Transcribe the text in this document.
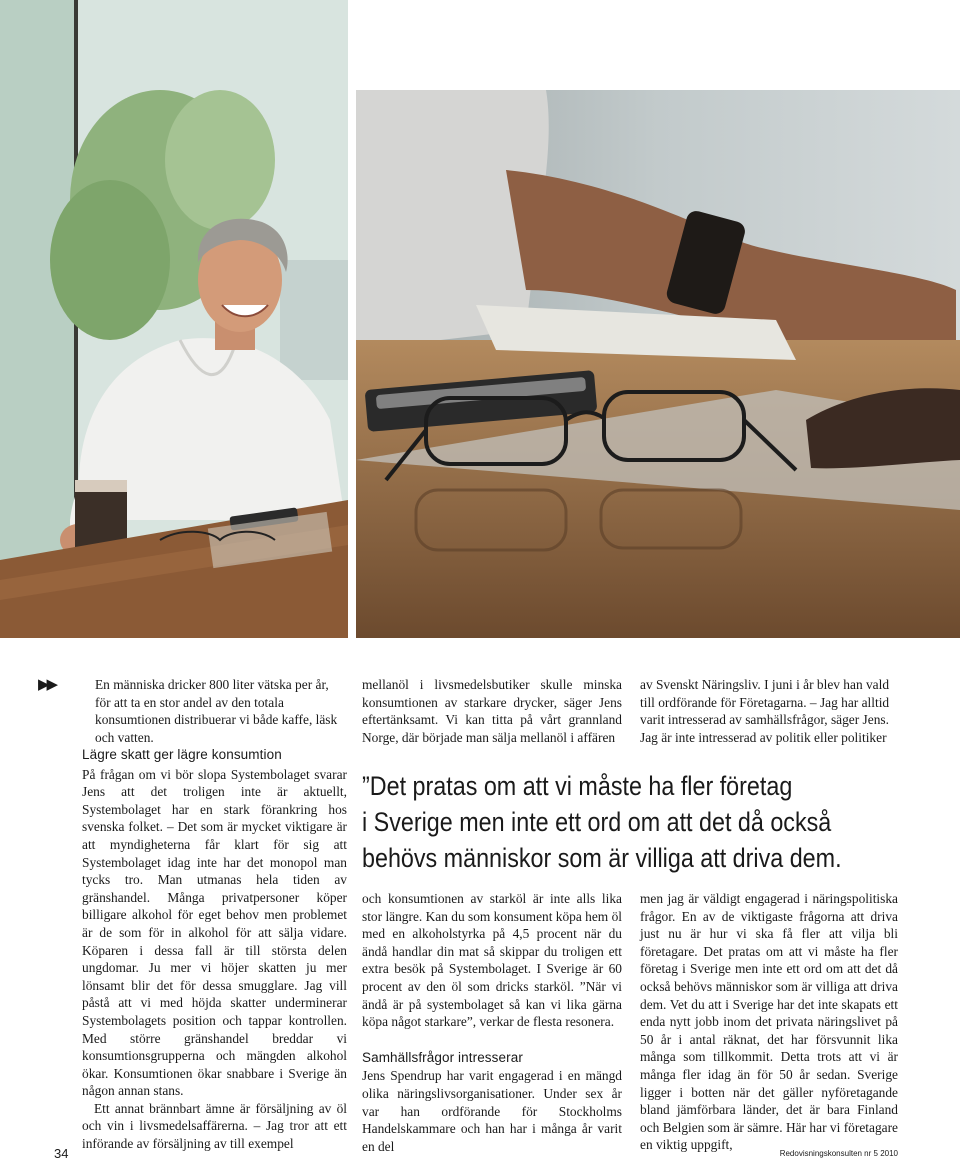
▶▶	En människa dricker 800 liter vätska per år, för att ta en stor andel av den totala konsumtionen distribuerar vi både kaffe, läsk och vatten.

Lägre skatt ger lägre konsumtion

På frågan om vi bör slopa Systembolaget svarar Jens att det troligen inte är aktuellt, Systembolaget har en stark förankring hos svenska folket. – Det som är mycket viktigare är att myndigheterna får klart för sig att Systembolaget idag inte har det monopol man tycks tro. Man utmanas hela tiden av gränshandel. Många privatpersoner köper billigare alkohol för eget behov men problemet är de som för in alkohol för att sälja vidare. Köparen i dessa fall är till största delen ungdomar. Ju mer vi höjer skatten ju mer lönsamt blir det för dessa smugglare. Jag vill påstå att vi med höjda skatter underminerar Systembolagets position och tappar kontrollen. Med större gränshandel breddar vi konsumtionsgrupperna och mängden alkohol ökar. Konsumtionen ökar snabbare i Sverige än någon annan stans.

Ett annat brännbart ämne är försäljning av öl och vin i livsmedelsaffärerna. – Jag tror att ett införande av försäljning av till exempel

mellanöl i livsmedelsbutiker skulle minska konsumtionen av starkare drycker, säger Jens eftertänksamt. Vi kan titta på vårt grannland Norge, där började man sälja mellanöl i affären

av Svenskt Näringsliv. I juni i år blev han vald till ordförande för Företagarna. – Jag har alltid varit intresserad av samhällsfrågor, säger Jens. Jag är inte intresserad av politik eller politiker

”Det pratas om att vi måste ha fler företag
i Sverige men inte ett ord om att det då också
behövs människor som är villiga att driva dem.

och konsumtionen av starköl är inte alls lika stor längre. Kan du som konsument köpa hem öl med en alkoholstyrka på 4,5 procent när du ändå handlar din mat så skippar du troligen ett extra besök på Systembolaget. I Sverige är 60 procent av den öl som dricks starköl. ”När vi ändå är på systembolaget så kan vi lika gärna köpa något starkare”, verkar de flesta resonera.

Samhällsfrågor intresserar

Jens Spendrup har varit engagerad i en mängd olika näringslivsorganisationer. Under sex år var han ordförande för Stockholms Handelskammare och han har i många år varit en del

men jag är väldigt engagerad i näringspolitiska frågor. En av de viktigaste frågorna att driva just nu är hur vi ska få fler att vilja bli företagare. Det pratas om att vi måste ha fler företag i Sverige men inte ett ord om att det då också behövs människor som är villiga att driva dem. Vet du att i Sverige har det inte skapats ett enda nytt jobb inom det privata näringslivet på 50 år i antal räknat, det har försvunnit lika många som tillkommit. Detta trots att vi är många fler idag än för 50 år sedan. Sverige ligger i botten när det gäller nyföretagande bland jämförbara länder, det är bara Finland och Belgien som är sämre. Här har vi företagare en viktig uppgift,

34	Redovisningskonsulten nr 5 2010
